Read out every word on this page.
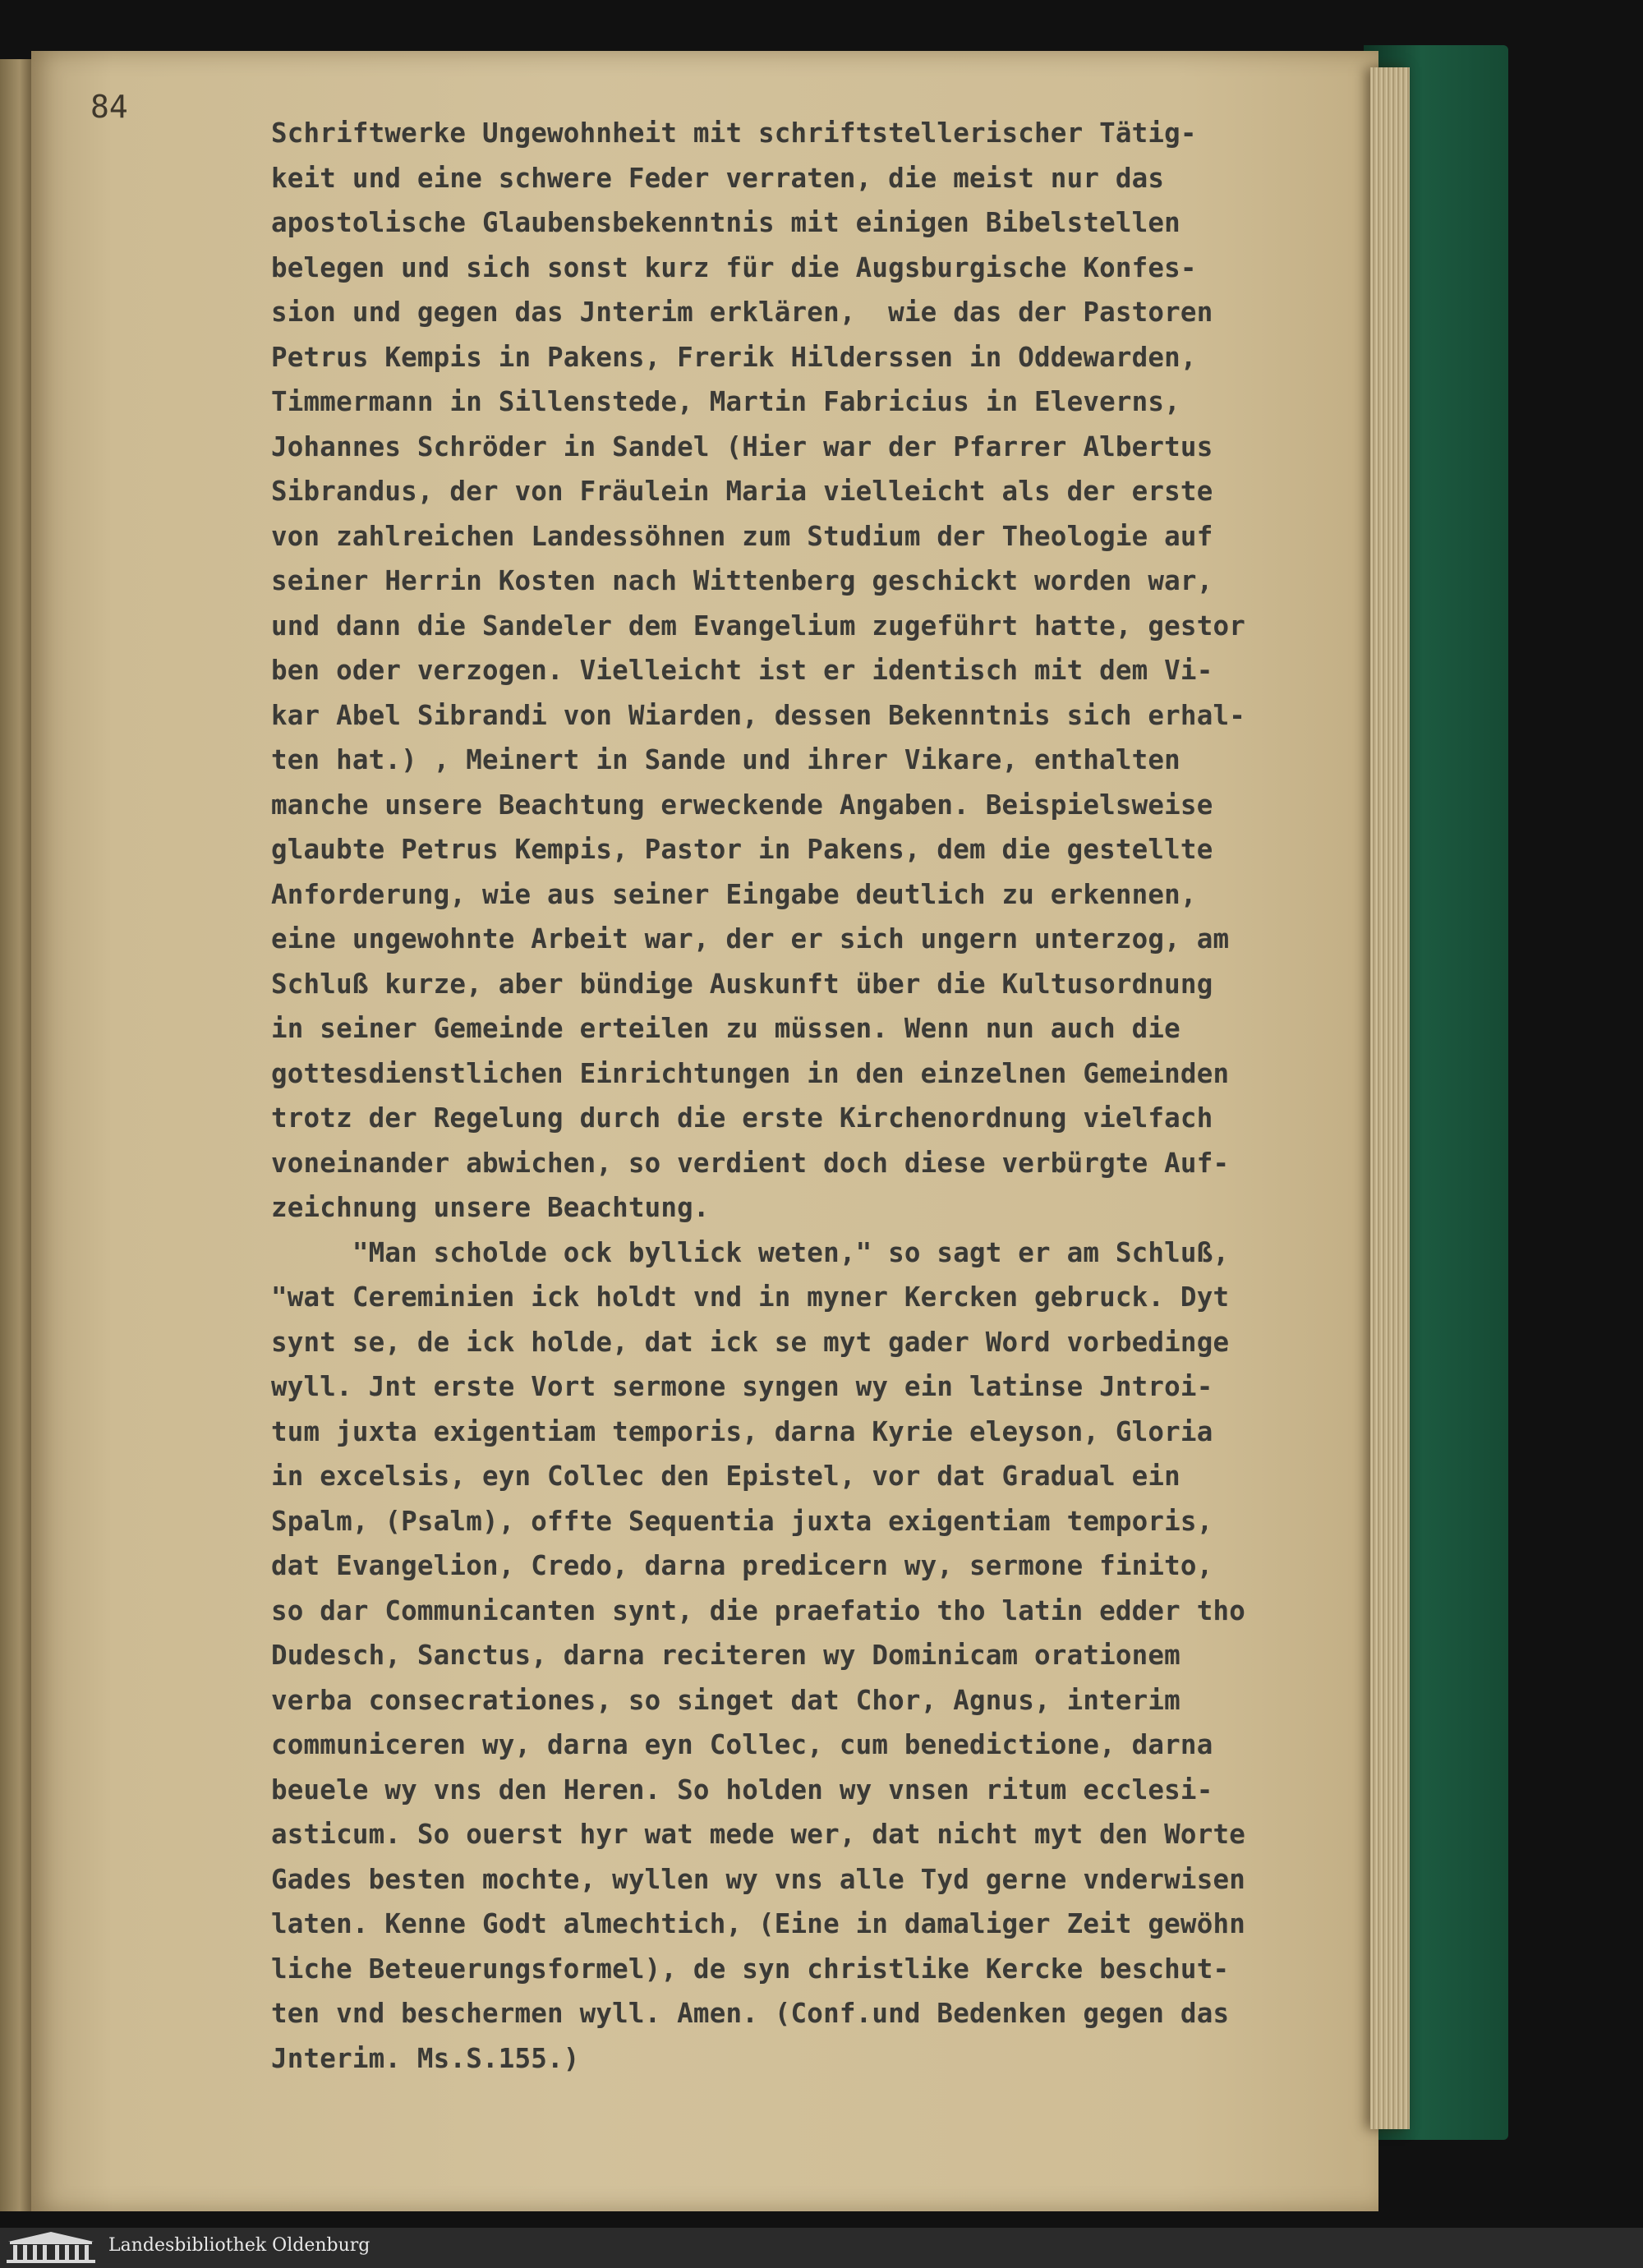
84
Schriftwerke Ungewohnheit mit schriftstellerischer Tätig-
keit und eine schwere Feder verraten, die meist nur das
apostolische Glaubensbekenntnis mit einigen Bibelstellen
belegen und sich sonst kurz für die Augsburgische Konfes-
sion und gegen das Jnterim erklären,  wie das der Pastoren
Petrus Kempis in Pakens, Frerik Hilderssen in Oddewarden,
Timmermann in Sillenstede, Martin Fabricius in Eleverns,
Johannes Schröder in Sandel (Hier war der Pfarrer Albertus
Sibrandus, der von Fräulein Maria vielleicht als der erste
von zahlreichen Landessöhnen zum Studium der Theologie auf
seiner Herrin Kosten nach Wittenberg geschickt worden war,
und dann die Sandeler dem Evangelium zugeführt hatte, gestor
ben oder verzogen. Vielleicht ist er identisch mit dem Vi-
kar Abel Sibrandi von Wiarden, dessen Bekenntnis sich erhal-
ten hat.) , Meinert in Sande und ihrer Vikare, enthalten
manche unsere Beachtung erweckende Angaben. Beispielsweise
glaubte Petrus Kempis, Pastor in Pakens, dem die gestellte
Anforderung, wie aus seiner Eingabe deutlich zu erkennen,
eine ungewohnte Arbeit war, der er sich ungern unterzog, am
Schluß kurze, aber bündige Auskunft über die Kultusordnung
in seiner Gemeinde erteilen zu müssen. Wenn nun auch die
gottesdienstlichen Einrichtungen in den einzelnen Gemeinden
trotz der Regelung durch die erste Kirchenordnung vielfach
voneinander abwichen, so verdient doch diese verbürgte Auf-
zeichnung unsere Beachtung.
"Man scholde ock byllick weten," so sagt er am Schluß,
"wat Cereminien ick holdt vnd in myner Kercken gebruck. Dyt
synt se, de ick holde, dat ick se myt gader Word vorbedinge
wyll. Jnt erste Vort sermone syngen wy ein latinse Jntroi-
tum juxta exigentiam temporis, darna Kyrie eleyson, Gloria
in excelsis, eyn Collec den Epistel, vor dat Gradual ein
Spalm, (Psalm), offte Sequentia juxta exigentiam temporis,
dat Evangelion, Credo, darna predicern wy, sermone finito,
so dar Communicanten synt, die praefatio tho latin edder tho
Dudesch, Sanctus, darna reciteren wy Dominicam orationem
verba consecrationes, so singet dat Chor, Agnus, interim
communiceren wy, darna eyn Collec, cum benedictione, darna
beuele wy vns den Heren. So holden wy vnsen ritum ecclesi-
asticum. So ouerst hyr wat mede wer, dat nicht myt den Worte
Gades besten mochte, wyllen wy vns alle Tyd gerne vnderwisen
laten. Kenne Godt almechtich, (Eine in damaliger Zeit gewöhn
liche Beteuerungsformel), de syn christlike Kercke beschut-
ten vnd beschermen wyll. Amen. (Conf.und Bedenken gegen das
Jnterim. Ms.S.155.)
Landesbibliothek Oldenburg
